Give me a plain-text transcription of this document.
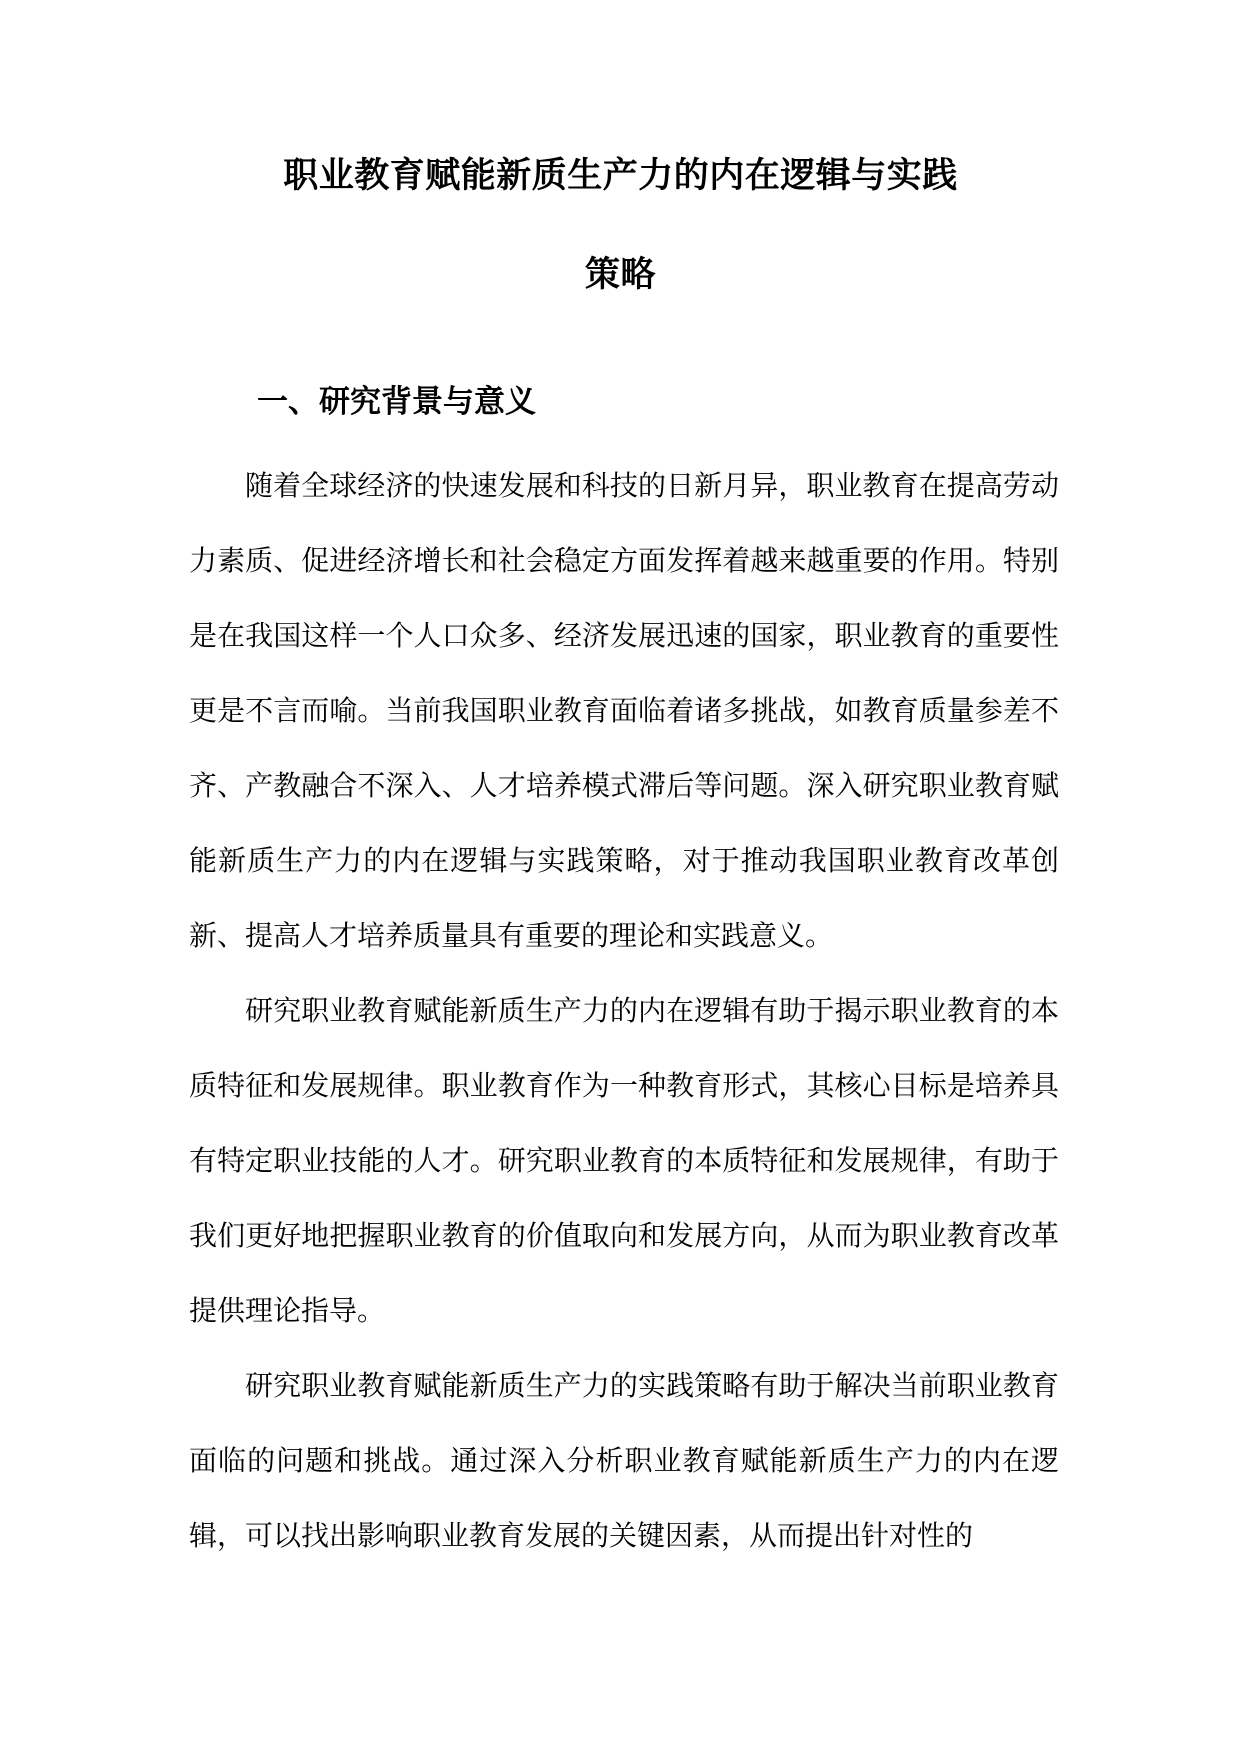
职业教育赋能新质生产力的内在逻辑与实践
策略
一、研究背景与意义

随着全球经济的快速发展和科技的日新月异，职业教育在提高劳动力素质、促进经济增长和社会稳定方面发挥着越来越重要的作用。特别是在我国这样一个人口众多、经济发展迅速的国家，职业教育的重要性更是不言而喻。当前我国职业教育面临着诸多挑战，如教育质量参差不齐、产教融合不深入、人才培养模式滞后等问题。深入研究职业教育赋能新质生产力的内在逻辑与实践策略，对于推动我国职业教育改革创新、提高人才培养质量具有重要的理论和实践意义。

研究职业教育赋能新质生产力的内在逻辑有助于揭示职业教育的本质特征和发展规律。职业教育作为一种教育形式，其核心目标是培养具有特定职业技能的人才。研究职业教育的本质特征和发展规律，有助于我们更好地把握职业教育的价值取向和发展方向，从而为职业教育改革提供理论指导。

研究职业教育赋能新质生产力的实践策略有助于解决当前职业教育面临的问题和挑战。通过深入分析职业教育赋能新质生产力的内在逻辑，可以找出影响职业教育发展的关键因素，从而提出针对性的
